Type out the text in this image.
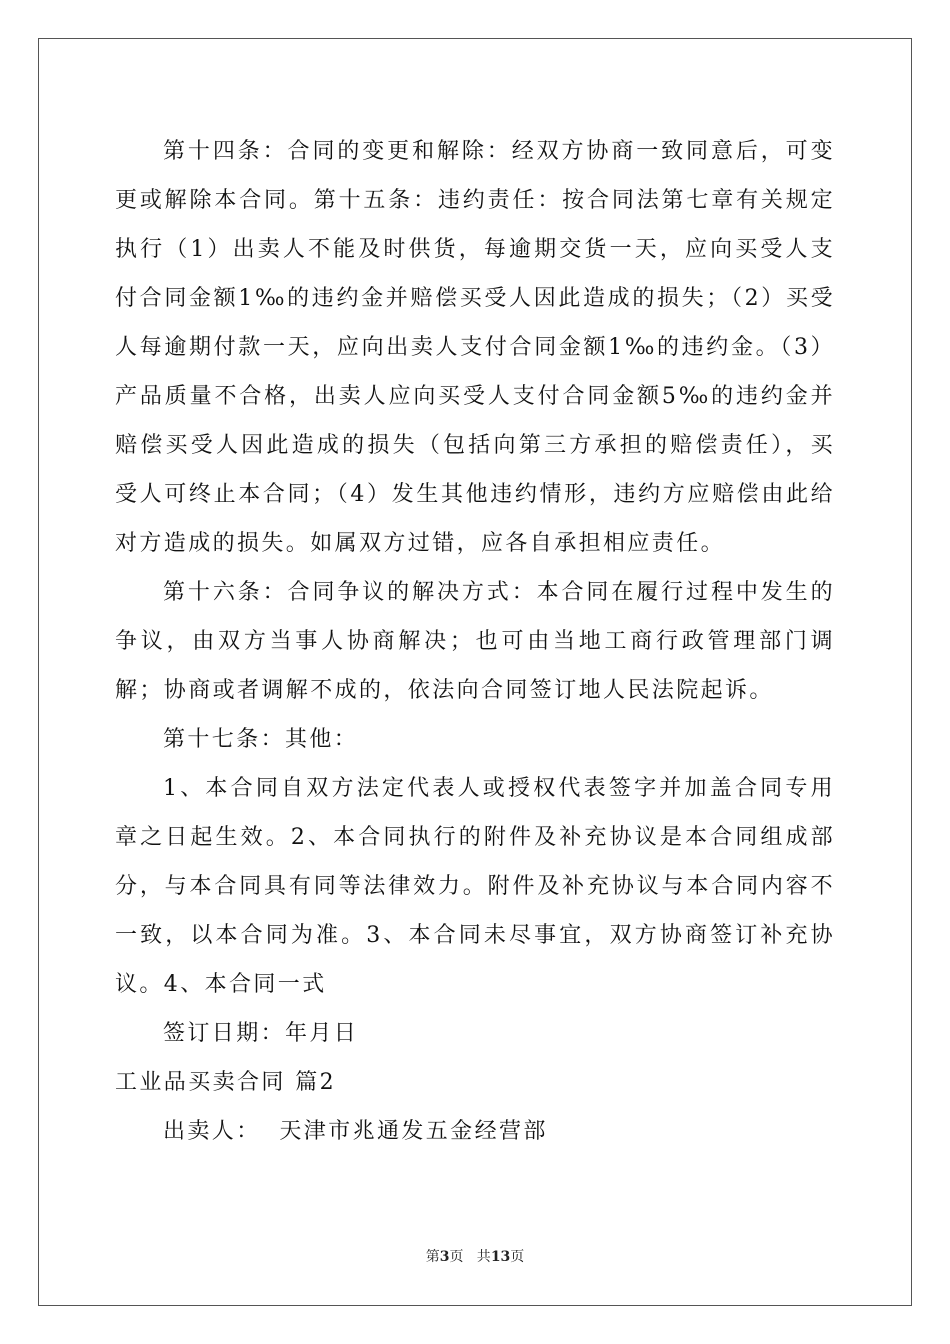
第十四条：合同的变更和解除：经双方协商一致同意后，可变更或解除本合同。第十五条：违约责任：按合同法第七章有关规定执行（1）出卖人不能及时供货，每逾期交货一天，应向买受人支付合同金额1‰的违约金并赔偿买受人因此造成的损失；（2）买受人每逾期付款一天，应向出卖人支付合同金额1‰的违约金。（3）产品质量不合格，出卖人应向买受人支付合同金额5‰的违约金并赔偿买受人因此造成的损失（包括向第三方承担的赔偿责任），买受人可终止本合同；（4）发生其他违约情形，违约方应赔偿由此给对方造成的损失。如属双方过错，应各自承担相应责任。

第十六条：合同争议的解决方式：本合同在履行过程中发生的争议，由双方当事人协商解决；也可由当地工商行政管理部门调解；协商或者调解不成的，依法向合同签订地人民法院起诉。

第十七条：其他：

1、本合同自双方法定代表人或授权代表签字并加盖合同专用章之日起生效。2、本合同执行的附件及补充协议是本合同组成部分，与本合同具有同等法律效力。附件及补充协议与本合同内容不一致，以本合同为准。3、本合同未尽事宜，双方协商签订补充协议。4、本合同一式

签订日期：年月日

工业品买卖合同 篇2

出卖人：  天津市兆通发五金经营部

第3页   共13页
